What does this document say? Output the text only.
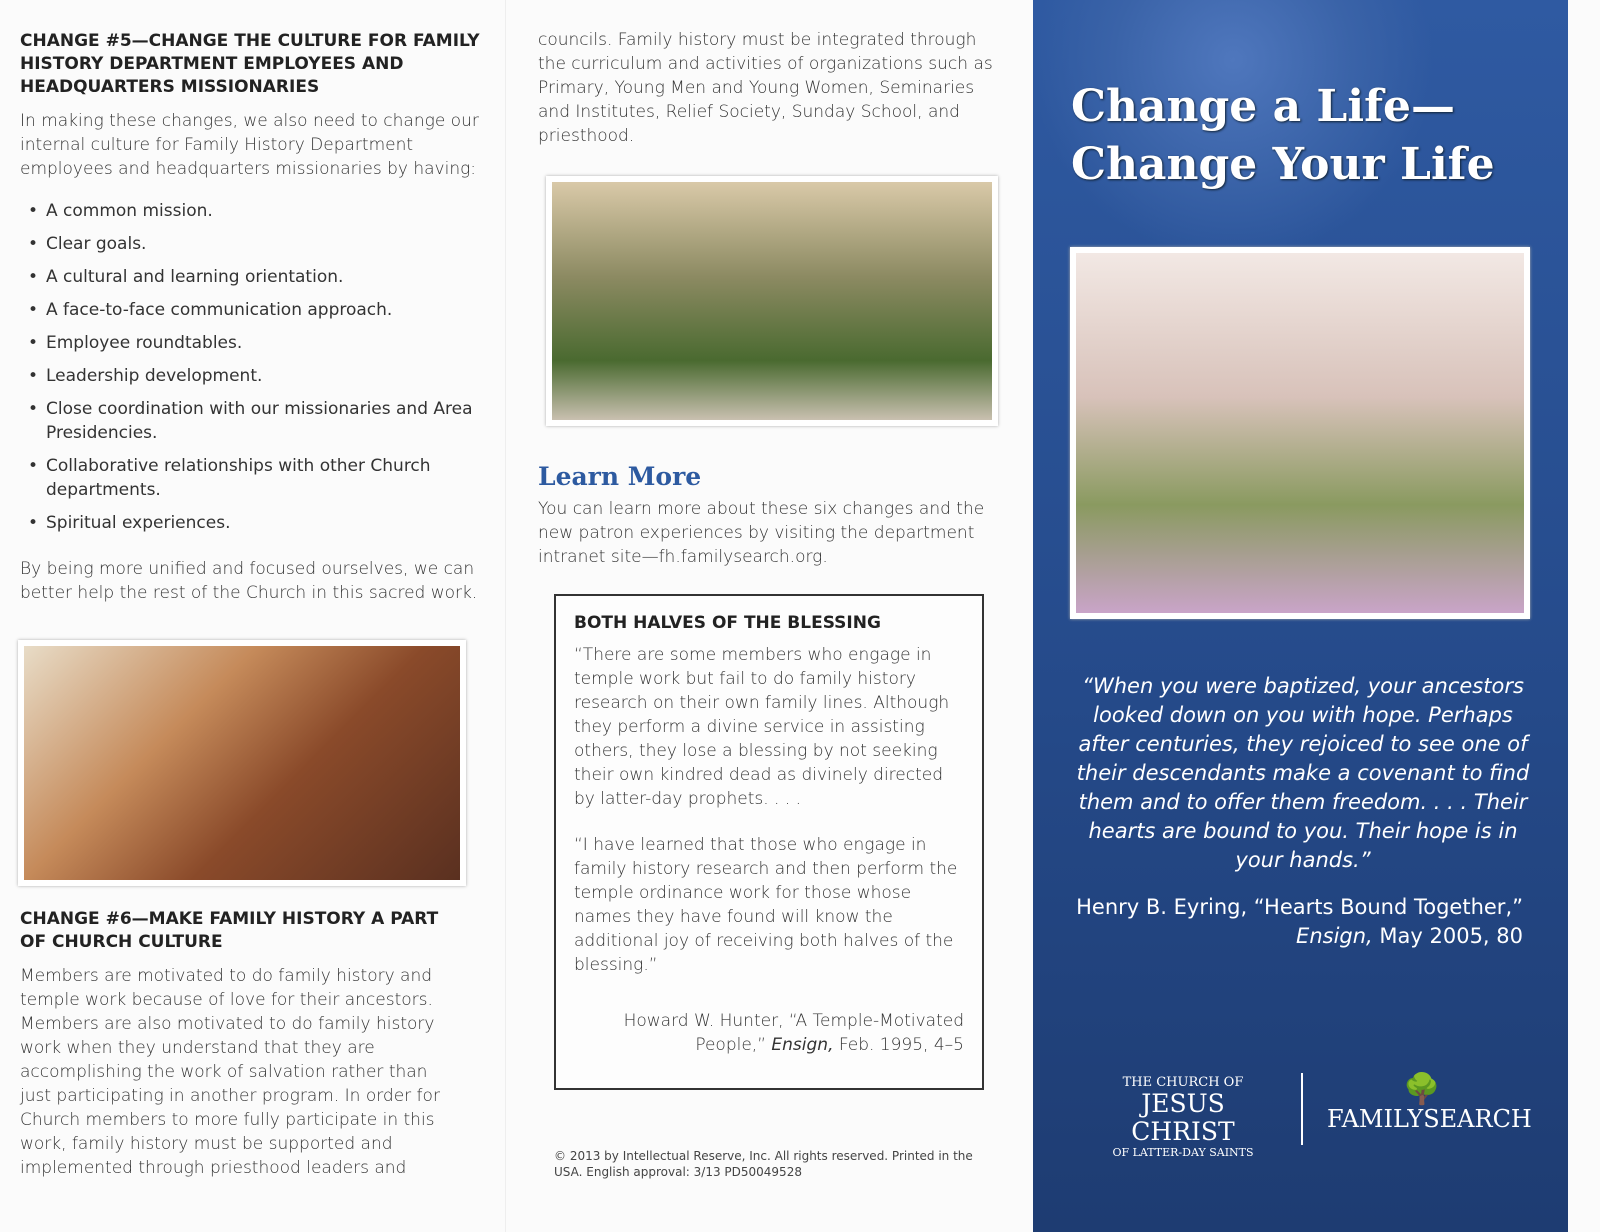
CHANGE #5—CHANGE THE CULTURE FOR FAMILY HISTORY DEPARTMENT EMPLOYEES AND HEADQUARTERS MISSIONARIES

In making these changes, we also need to change our internal culture for Family History Department employees and headquarters missionaries by having:

• A common mission.
• Clear goals.
• A cultural and learning orientation.
• A face-to-face communication approach.
• Employee roundtables.
• Leadership development.
• Close coordination with our missionaries and Area Presidencies.
• Collaborative relationships with other Church departments.
• Spiritual experiences.

By being more unified and focused ourselves, we can better help the rest of the Church in this sacred work.

CHANGE #6—MAKE FAMILY HISTORY A PART OF CHURCH CULTURE

Members are motivated to do family history and temple work because of love for their ancestors. Members are also motivated to do family history work when they understand that they are accomplishing the work of salvation rather than just participating in another program. In order for Church members to more fully participate in this work, family history must be supported and implemented through priesthood leaders and

councils. Family history must be integrated through the curriculum and activities of organizations such as Primary, Young Men and Young Women, Seminaries and Institutes, Relief Society, Sunday School, and priesthood.

Learn More

You can learn more about these six changes and the new patron experiences by visiting the department intranet site—fh.familysearch.org.

BOTH HALVES OF THE BLESSING

“There are some members who engage in temple work but fail to do family history research on their own family lines. Although they perform a divine service in assisting others, they lose a blessing by not seeking their own kindred dead as divinely directed by latter-day prophets. . . .

“I have learned that those who engage in family history research and then perform the temple ordinance work for those whose names they have found will know the additional joy of receiving both halves of the blessing.”

Howard W. Hunter, “A Temple-Motivated
People,” Ensign, Feb. 1995, 4–5

© 2013 by Intellectual Reserve, Inc. All rights reserved. Printed in the USA. English approval: 3/13 PD50049528
Change a Life—
Change Your Life
“When you were baptized, your ancestors looked down on you with hope. Perhaps after centuries, they rejoiced to see one of their descendants make a covenant to find them and to offer them freedom. . . . Their hearts are bound to you. Their hope is in your hands.”
Henry B. Eyring, “Hearts Bound Together,”
Ensign, May 2005, 80
THE CHURCH OF
JESUS CHRIST
OF LATTER-DAY SAINTS
🌳
FAMILYSEARCH
